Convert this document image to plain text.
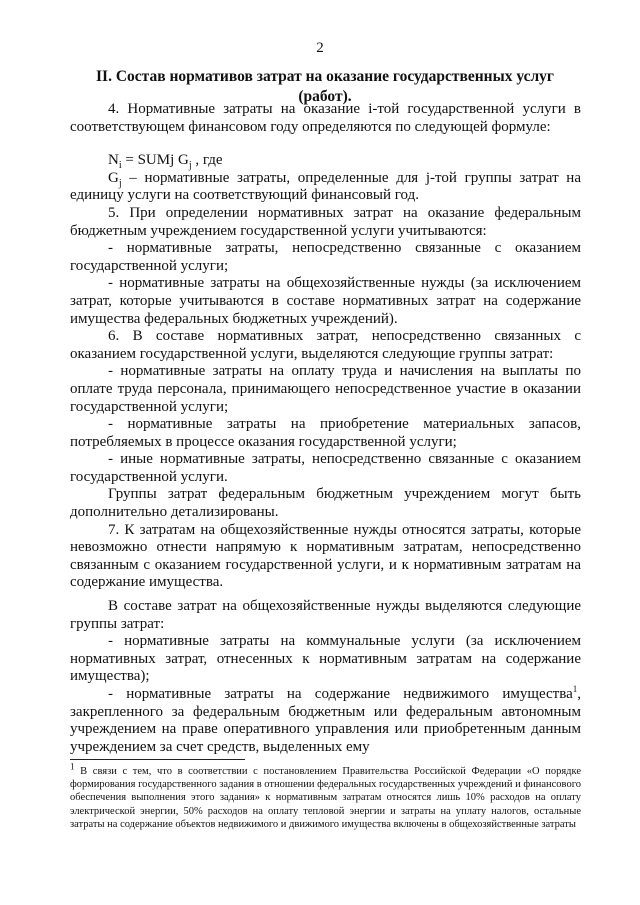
2
II. Состав нормативов затрат на оказание государственных услуг (работ).

4. Нормативные затраты на оказание i-той государственной услуги в соответствующем финансовом году определяются по следующей формуле:

$N_i$ = SUMj $G_j$ , где

$G_j$ – нормативные затраты, определенные для j-той группы затрат на единицу услуги на соответствующий финансовый год.

5. При определении нормативных затрат на оказание федеральным бюджетным учреждением государственной услуги учитываются:

- нормативные затраты, непосредственно связанные с оказанием государственной услуги;

- нормативные затраты на общехозяйственные нужды (за исключением затрат, которые учитываются в составе нормативных затрат на содержание имущества федеральных бюджетных учреждений).

6. В составе нормативных затрат, непосредственно связанных с оказанием государственной услуги, выделяются следующие группы затрат:

- нормативные затраты на оплату труда и начисления на выплаты по оплате труда персонала, принимающего непосредственное участие в оказании государственной услуги;

- нормативные затраты на приобретение материальных запасов, потребляемых в процессе оказания государственной услуги;

- иные нормативные затраты, непосредственно связанные с оказанием государственной услуги.

Группы затрат федеральным бюджетным учреждением могут быть дополнительно детализированы.

7. К затратам на общехозяйственные нужды относятся затраты, которые невозможно отнести напрямую к нормативным затратам, непосредственно связанным с оказанием государственной услуги, и к нормативным затратам на содержание имущества.

В составе затрат на общехозяйственные нужды выделяются следующие группы затрат:

- нормативные затраты на коммунальные услуги (за исключением нормативных затрат, отнесенных к нормативным затратам на содержание имущества);

- нормативные затраты на содержание недвижимого имущества$^1$, закрепленного за федеральным бюджетным или федеральным автономным учреждением на праве оперативного управления или приобретенным данным учреждением за счет средств, выделенных ему

$^1$ В связи с тем, что в соответствии с постановлением Правительства Российской Федерации «О порядке формирования государственного задания в отношении федеральных государственных учреждений и финансового обеспечения выполнения этого задания» к нормативным затратам относятся лишь 10% расходов на оплату электрической энергии, 50% расходов на оплату тепловой энергии и затраты на уплату налогов, остальные затраты на содержание объектов недвижимого и движимого имущества включены в общехозяйственные затраты
